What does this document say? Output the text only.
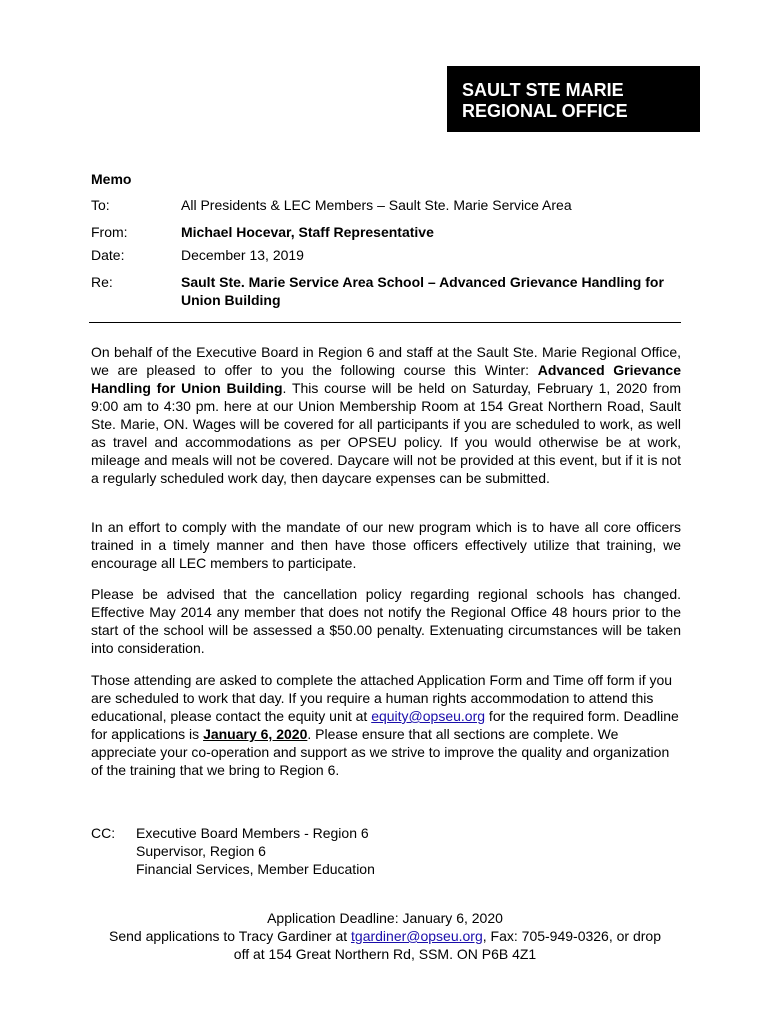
SAULT STE MARIE
REGIONAL OFFICE
Memo
To:	All Presidents & LEC Members – Sault Ste. Marie Service Area
From:	Michael Hocevar, Staff Representative
Date:	December 13, 2019
Re:	Sault Ste. Marie Service Area School – Advanced Grievance Handling for Union Building
On behalf of the Executive Board in Region 6 and staff at the Sault Ste. Marie Regional Office, we are pleased to offer to you the following course this Winter: Advanced Grievance Handling for Union Building. This course will be held on Saturday, February 1, 2020 from 9:00 am to 4:30 pm. here at our Union Membership Room at 154 Great Northern Road, Sault Ste. Marie, ON. Wages will be covered for all participants if you are scheduled to work, as well as travel and accommodations as per OPSEU policy. If you would otherwise be at work, mileage and meals will not be covered. Daycare will not be provided at this event, but if it is not a regularly scheduled work day, then daycare expenses can be submitted.
In an effort to comply with the mandate of our new program which is to have all core officers trained in a timely manner and then have those officers effectively utilize that training, we encourage all LEC members to participate.
Please be advised that the cancellation policy regarding regional schools has changed. Effective May 2014 any member that does not notify the Regional Office 48 hours prior to the start of the school will be assessed a $50.00 penalty. Extenuating circumstances will be taken into consideration.
Those attending are asked to complete the attached Application Form and Time off form if you are scheduled to work that day. If you require a human rights accommodation to attend this educational, please contact the equity unit at equity@opseu.org for the required form. Deadline for applications is January 6, 2020. Please ensure that all sections are complete. We appreciate your co-operation and support as we strive to improve the quality and organization of the training that we bring to Region 6.
CC: Executive Board Members - Region 6
Supervisor, Region 6
Financial Services, Member Education
Application Deadline: January 6, 2020
Send applications to Tracy Gardiner at tgardiner@opseu.org, Fax: 705-949-0326, or drop
off at 154 Great Northern Rd, SSM. ON P6B 4Z1
